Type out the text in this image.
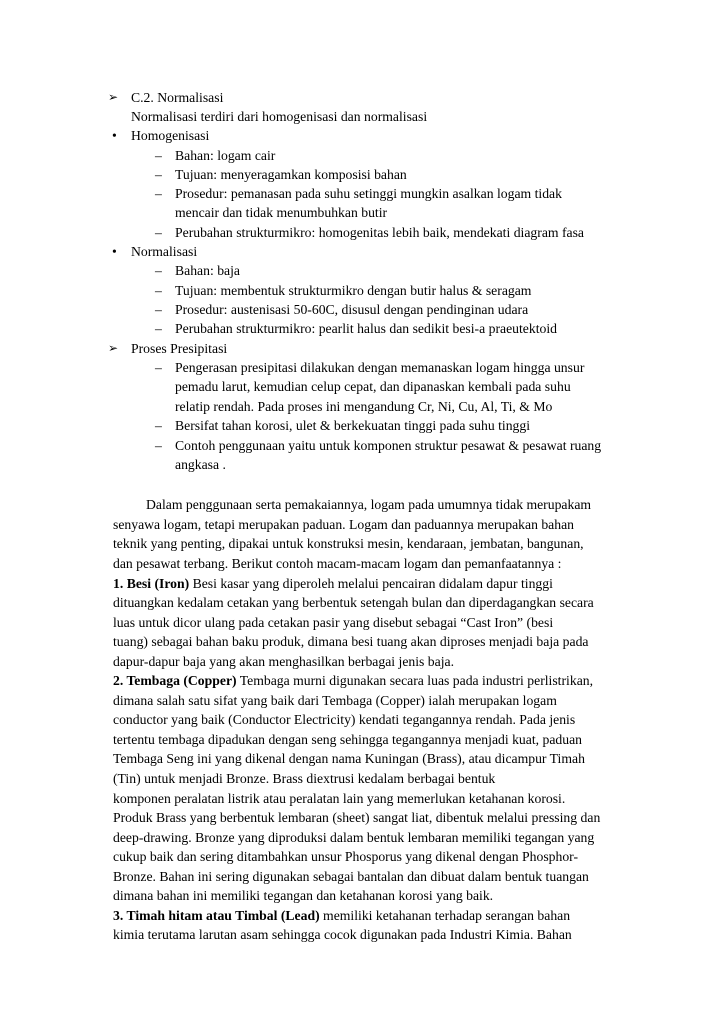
➢ C.2. Normalisasi
Normalisasi terdiri dari homogenisasi dan normalisasi
• Homogenisasi
– Bahan: logam cair
– Tujuan: menyeragamkan komposisi bahan
– Prosedur: pemanasan pada suhu setinggi mungkin asalkan logam tidak
mencair dan tidak menumbuhkan butir
– Perubahan strukturmikro: homogenitas lebih baik, mendekati diagram fasa
• Normalisasi
– Bahan: baja
– Tujuan: membentuk strukturmikro dengan butir halus & seragam
– Prosedur: austenisasi 50-60C, disusul dengan pendinginan udara
– Perubahan strukturmikro: pearlit halus dan sedikit besi-a praeutektoid
➢ Proses Presipitasi
– Pengerasan presipitasi dilakukan dengan memanaskan logam hingga unsur
pemadu larut, kemudian celup cepat, dan dipanaskan kembali pada suhu
relatip rendah. Pada proses ini mengandung Cr, Ni, Cu, Al, Ti, & Mo
– Bersifat tahan korosi, ulet & berkekuatan tinggi pada suhu tinggi
– Contoh penggunaan yaitu untuk komponen struktur pesawat & pesawat ruang
angkasa .
Dalam penggunaan serta pemakaiannya, logam pada umumnya tidak merupakam
senyawa logam, tetapi merupakan paduan. Logam dan paduannya merupakan bahan
teknik yang penting, dipakai untuk konstruksi mesin, kendaraan, jembatan, bangunan,
dan pesawat terbang. Berikut contoh macam-macam logam dan pemanfaatannya :
1. Besi (Iron) Besi kasar yang diperoleh melalui pencairan didalam dapur tinggi
dituangkan kedalam cetakan yang berbentuk setengah bulan dan diperdagangkan secara
luas untuk dicor ulang pada cetakan pasir yang disebut sebagai “Cast Iron” (besi
tuang) sebagai bahan baku produk, dimana besi tuang akan diproses menjadi baja pada
dapur-dapur baja yang akan menghasilkan berbagai jenis baja.
2. Tembaga (Copper) Tembaga murni digunakan secara luas pada industri perlistrikan,
dimana salah satu sifat yang baik dari Tembaga (Copper) ialah merupakan logam
conductor yang baik (Conductor Electricity) kendati tegangannya rendah. Pada jenis
tertentu tembaga dipadukan dengan seng sehingga tegangannya menjadi kuat, paduan
Tembaga Seng ini yang dikenal dengan nama Kuningan (Brass), atau dicampur Timah
(Tin) untuk menjadi Bronze. Brass diextrusi kedalam berbagai bentuk
komponen peralatan listrik atau peralatan lain yang memerlukan ketahanan korosi.
Produk Brass yang berbentuk lembaran (sheet) sangat liat, dibentuk melalui pressing dan
deep-drawing. Bronze yang diproduksi dalam bentuk lembaran memiliki tegangan yang
cukup baik dan sering ditambahkan unsur Phosporus yang dikenal dengan Phosphor-
Bronze. Bahan ini sering digunakan sebagai bantalan dan dibuat dalam bentuk tuangan
dimana bahan ini memiliki tegangan dan ketahanan korosi yang baik.
3. Timah hitam atau Timbal (Lead) memiliki ketahanan terhadap serangan bahan
kimia terutama larutan asam sehingga cocok digunakan pada Industri Kimia. Bahan
